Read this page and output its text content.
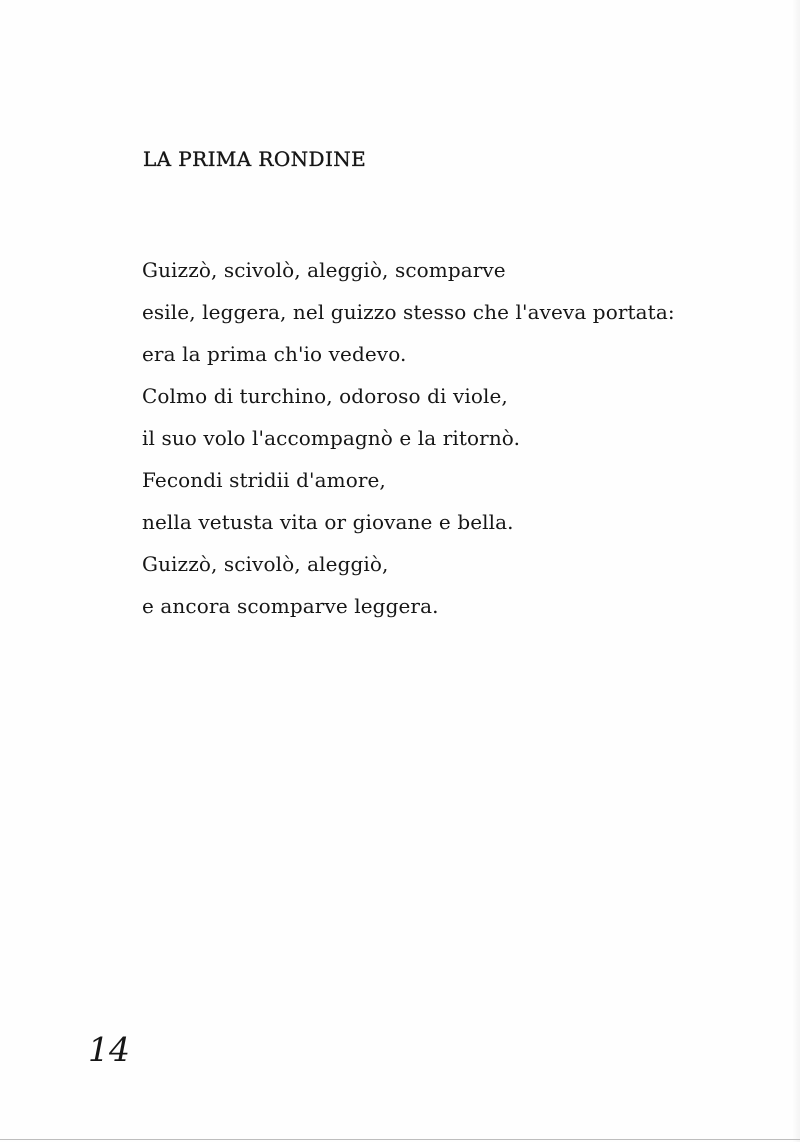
LA PRIMA RONDINE
Guizzò, scivolò, aleggiò, scomparve
esile, leggera, nel guizzo stesso che l'aveva portata:
era la prima ch'io vedevo.
Colmo di turchino, odoroso di viole,
il suo volo l'accompagnò e la ritornò.
Fecondi stridii d'amore,
nella vetusta vita or giovane e bella.
Guizzò, scivolò, aleggiò,
e ancora scomparve leggera.

14
